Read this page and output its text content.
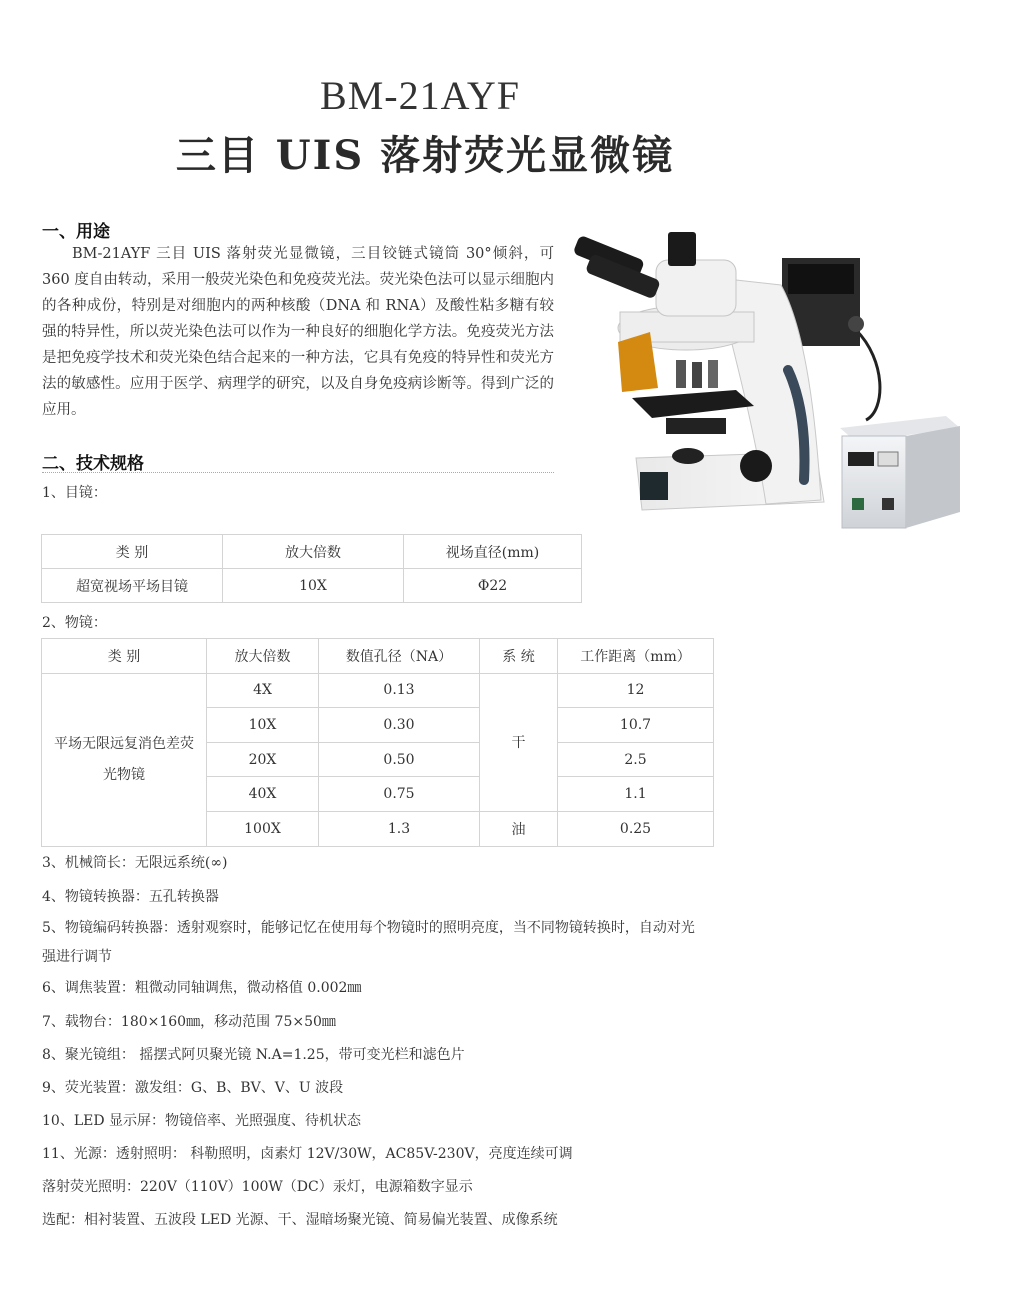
BM-21AYF
三目 UIS 落射荧光显微镜
一、用途
BM-21AYF 三目 UIS 落射荧光显微镜，三目铰链式镜筒 30°倾斜，可 360 度自由转动，采用一般荧光染色和免疫荧光法。荧光染色法可以显示细胞内的各种成份，特别是对细胞内的两种核酸（DNA 和 RNA）及酸性粘多糖有较强的特异性，所以荧光染色法可以作为一种良好的细胞化学方法。免疫荧光方法是把免疫学技术和荧光染色结合起来的一种方法，它具有免疫的特异性和荧光方法的敏感性。应用于医学、病理学的研究，以及自身免疫病诊断等。得到广泛的应用。
二、技术规格
1、目镜：
类 别	放大倍数	视场直径(mm)
超宽视场平场目镜	10X	Φ22
2、物镜：
类 别	放大倍数	数值孔径（NA）	系 统	工作距离（mm）
平场无限远复消色差荧光物镜	4X	0.13	干	12
	10X	0.30		10.7
	20X	0.50		2.5
	40X	0.75		1.1
	100X	1.3	油	0.25
3、机械筒长：无限远系统(∞)
4、物镜转换器：五孔转换器
5、物镜编码转换器：透射观察时，能够记忆在使用每个物镜时的照明亮度，当不同物镜转换时，自动对光
强进行调节
6、调焦装置：粗微动同轴调焦，微动格值 0.002㎜
7、载物台：180×160㎜，移动范围 75×50㎜
8、聚光镜组： 摇摆式阿贝聚光镜 N.A=1.25，带可变光栏和滤色片
9、荧光装置：激发组：G、B、BV、V、U 波段
10、LED 显示屏：物镜倍率、光照强度、待机状态
11、光源：透射照明： 科勒照明，卤素灯 12V/30W，AC85V-230V，亮度连续可调
落射荧光照明：220V（110V）100W（DC）汞灯，电源箱数字显示
选配：相衬装置、五波段 LED 光源、干、湿暗场聚光镜、简易偏光装置、成像系统
